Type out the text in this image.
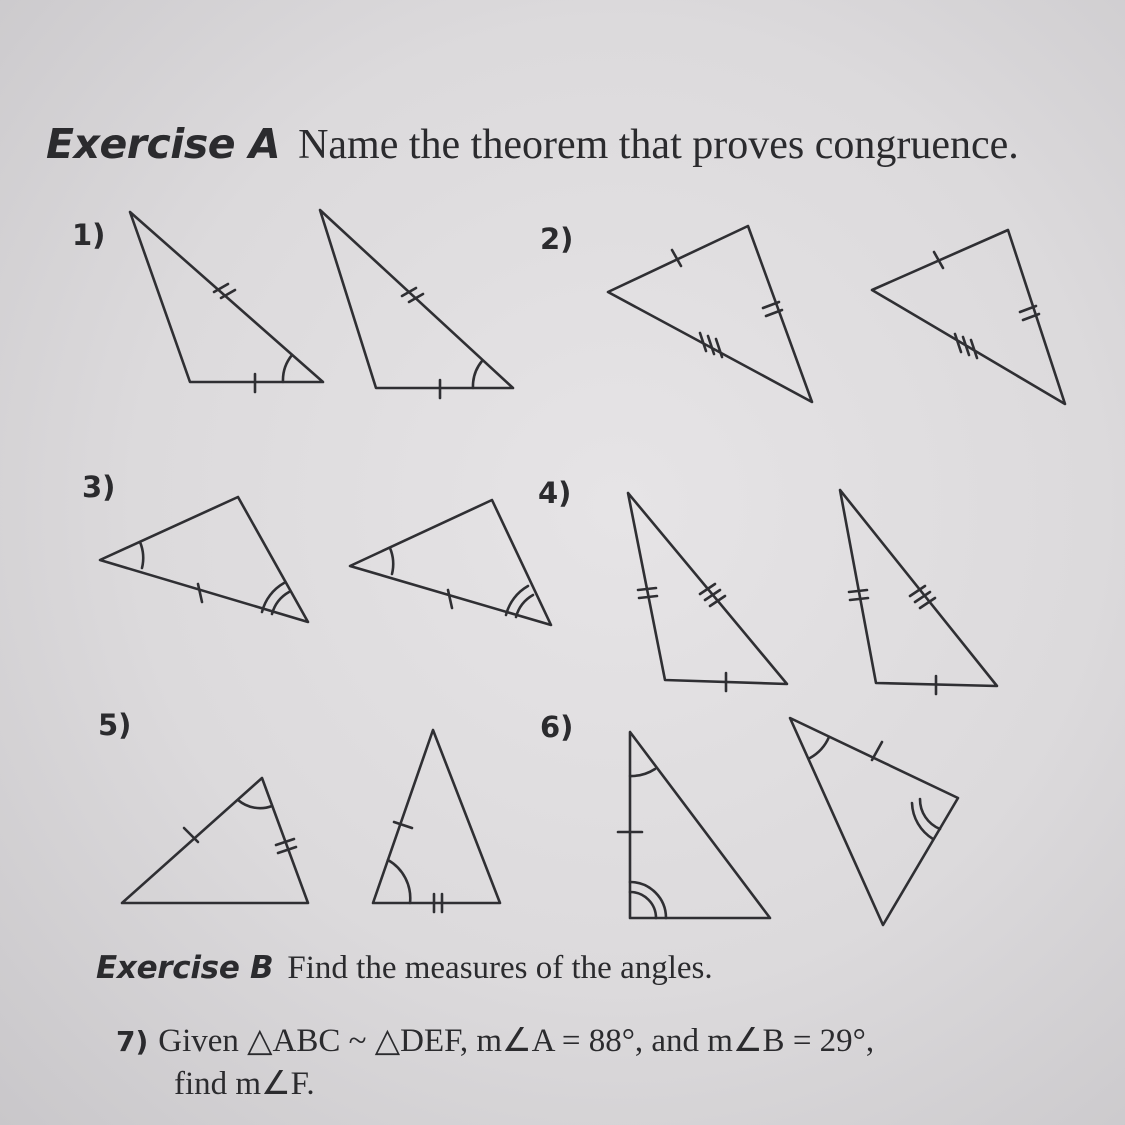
Exercise A Name the theorem that proves congruence.
1)	2)
3)	4)
5)	6)
Exercise B Find the measures of the angles.
7) Given △ABC ~ △DEF, m∠A = 88°, and m∠B = 29°,
find m∠F.
